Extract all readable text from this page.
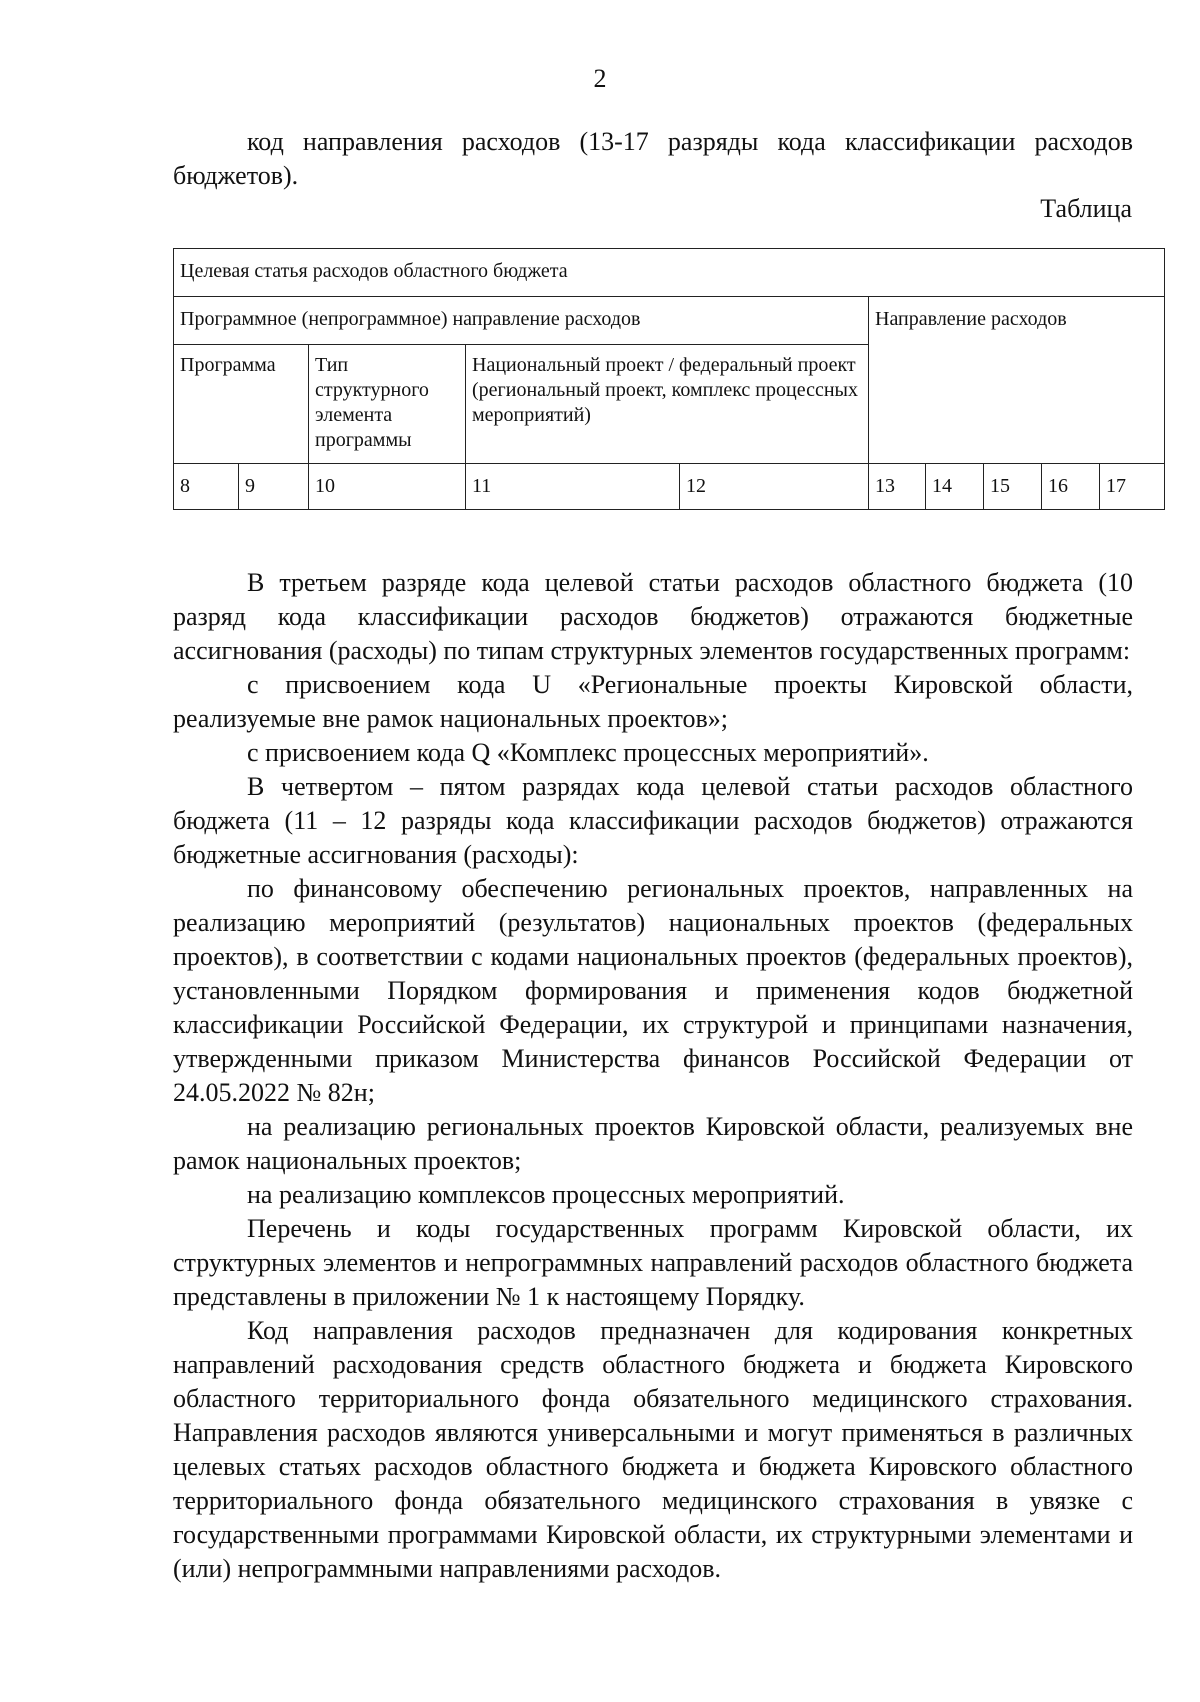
2

код направления расходов (13-17 разряды кода классификации расходов бюджетов).

Таблица
Целевая статья расходов областного бюджета									
Программное (непрограммное) направление расходов					Направление расходов				
Программа		Тип структурного элемента программы	Национальный проект / федеральный проект (региональный проект, комплекс процессных мероприятий)						
8	9	10	11	12	13	14	15	16	17

В третьем разряде кода целевой статьи расходов областного бюджета (10 разряд кода классификации расходов бюджетов) отражаются бюджетные ассигнования (расходы) по типам структурных элементов государственных программ:

с присвоением кода U «Региональные проекты Кировской области, реализуемые вне рамок национальных проектов»;

с присвоением кода Q «Комплекс процессных мероприятий».

В четвертом – пятом разрядах кода целевой статьи расходов областного бюджета (11 – 12 разряды кода классификации расходов бюджетов) отражаются бюджетные ассигнования (расходы):

по финансовому обеспечению региональных проектов, направленных на реализацию мероприятий (результатов) национальных проектов (федеральных проектов), в соответствии с кодами национальных проектов (федеральных проектов), установленными Порядком формирования и применения кодов бюджетной классификации Российской Федерации, их структурой и принципами назначения, утвержденными приказом Министерства финансов Российской Федерации от 24.05.2022 № 82н;

на реализацию региональных проектов Кировской области, реализуемых вне рамок национальных проектов;

на реализацию комплексов процессных мероприятий.

Перечень и коды государственных программ Кировской области, их структурных элементов и непрограммных направлений расходов областного бюджета представлены в приложении № 1 к настоящему Порядку.

Код направления расходов предназначен для кодирования конкретных направлений расходования средств областного бюджета и бюджета Кировского областного территориального фонда обязательного медицинского страхования. Направления расходов являются универсальными и могут применяться в различных целевых статьях расходов областного бюджета и бюджета Кировского областного территориального фонда обязательного медицинского страхования в увязке с государственными программами Кировской области, их структурными элементами и (или) непрограммными направлениями расходов.
